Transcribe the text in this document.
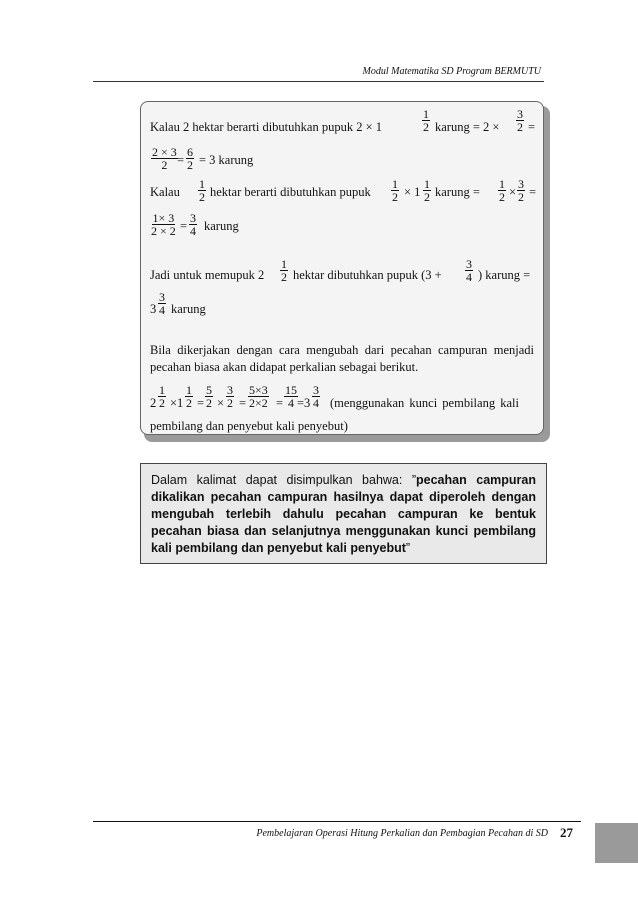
Modul Matematika SD Program BERMUTU
Kalau 2 hektar berarti dibutuhkan pupuk 2 × 1	$\frac{1}{2}$ karung = $2 \times \frac{3}{2}$ =
$\frac{2 \times 3}{2} = \frac{6}{2} = 3$ karung
Kalau $\frac{1}{2}$ hektar berarti dibutuhkan pupuk $\frac{1}{2} \times 1 \frac{1}{2}$ karung = $\frac{1}{2} \times \frac{3}{2}$ =
$\frac{1\times 3}{2 \times 2} = \frac{3}{4}$ karung
Jadi untuk memupuk $2 \frac{1}{2}$ hektar dibutuhkan pupuk ($3 + \frac{3}{4}$ ) karung =
$3 \frac{3}{4}$ karung
Bila dikerjakan dengan cara mengubah dari pecahan campuran menjadi pecahan biasa akan didapat perkalian sebagai berikut.
$2 \frac{1}{2} \times 1 \frac{1}{2} = \frac{5}{2} \times \frac{3}{2} = \frac{5\times 3}{2\times 2} = \frac{15}{4} =3 \frac{3}{4}$ (menggunakan kunci pembilang kali
pembilang dan penyebut kali penyebut)
Dalam kalimat dapat disimpulkan bahwa: ”pecahan campuran dikalikan pecahan campuran hasilnya dapat diperoleh dengan mengubah terlebih dahulu pecahan campuran ke bentuk pecahan biasa dan selanjutnya menggunakan kunci pembilang kali pembilang dan penyebut kali penyebut”
Pembelajaran Operasi Hitung Perkalian dan Pembagian Pecahan di SD 27
